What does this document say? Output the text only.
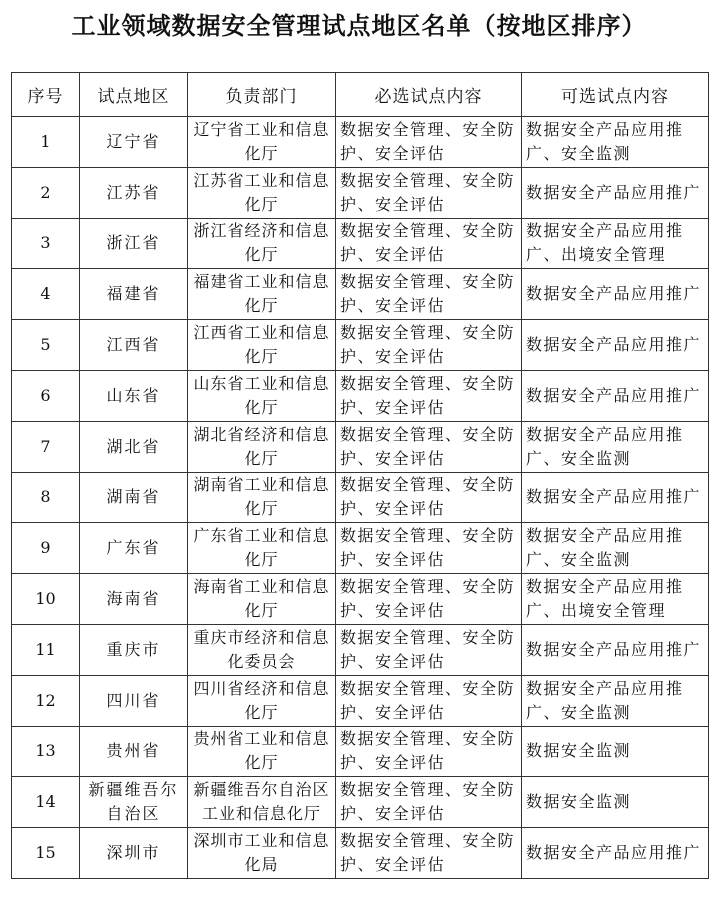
工业领域数据安全管理试点地区名单（按地区排序）
序号	试点地区	负责部门	必选试点内容	可选试点内容
1	辽宁省	辽宁省工业和信息化厅	数据安全管理、安全防护、安全评估	数据安全产品应用推广、安全监测
2	江苏省	江苏省工业和信息化厅	数据安全管理、安全防护、安全评估	数据安全产品应用推广
3	浙江省	浙江省经济和信息化厅	数据安全管理、安全防护、安全评估	数据安全产品应用推广、出境安全管理
4	福建省	福建省工业和信息化厅	数据安全管理、安全防护、安全评估	数据安全产品应用推广
5	江西省	江西省工业和信息化厅	数据安全管理、安全防护、安全评估	数据安全产品应用推广
6	山东省	山东省工业和信息化厅	数据安全管理、安全防护、安全评估	数据安全产品应用推广
7	湖北省	湖北省经济和信息化厅	数据安全管理、安全防护、安全评估	数据安全产品应用推广、安全监测
8	湖南省	湖南省工业和信息化厅	数据安全管理、安全防护、安全评估	数据安全产品应用推广
9	广东省	广东省工业和信息化厅	数据安全管理、安全防护、安全评估	数据安全产品应用推广、安全监测
10	海南省	海南省工业和信息化厅	数据安全管理、安全防护、安全评估	数据安全产品应用推广、出境安全管理
11	重庆市	重庆市经济和信息化委员会	数据安全管理、安全防护、安全评估	数据安全产品应用推广
12	四川省	四川省经济和信息化厅	数据安全管理、安全防护、安全评估	数据安全产品应用推广、安全监测
13	贵州省	贵州省工业和信息化厅	数据安全管理、安全防护、安全评估	数据安全监测
14	新疆维吾尔自治区	新疆维吾尔自治区工业和信息化厅	数据安全管理、安全防护、安全评估	数据安全监测
15	深圳市	深圳市工业和信息化局	数据安全管理、安全防护、安全评估	数据安全产品应用推广
